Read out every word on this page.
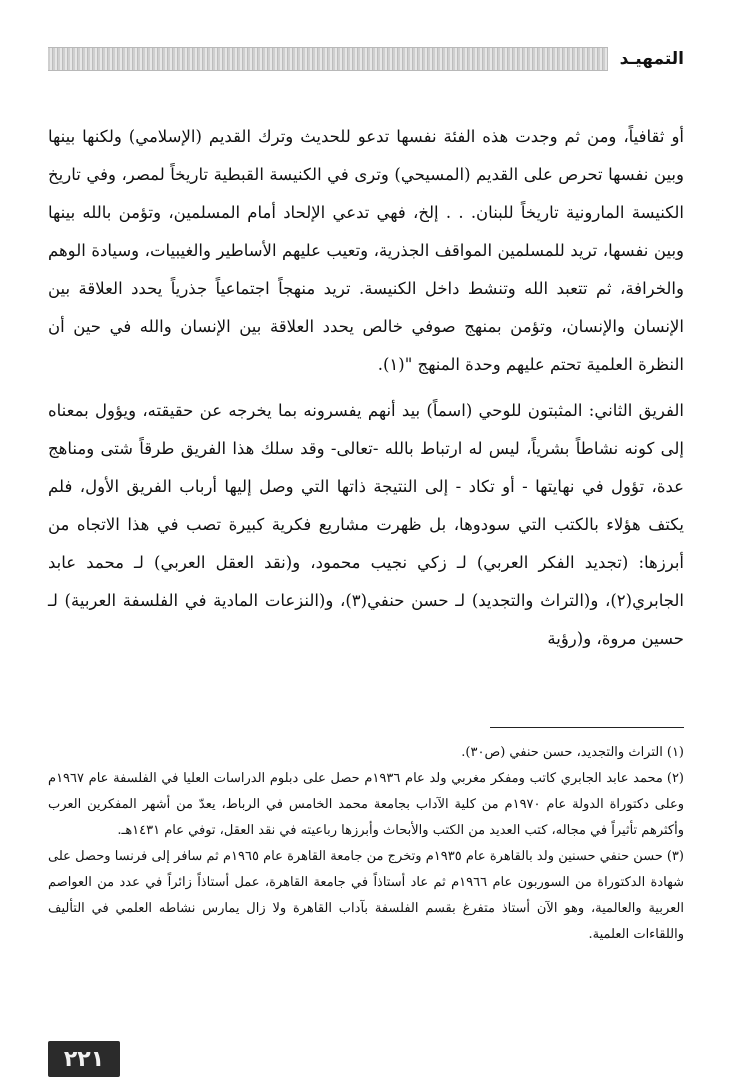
التمهيـد

أو ثقافياً، ومن ثم وجدت هذه الفئة نفسها تدعو للحديث وترك القديم (الإسلامي) ولكنها بينها وبين نفسها تحرص على القديم (المسيحي) وترى في الكنيسة القبطية تاريخاً لمصر، وفي تاريخ الكنيسة المارونية تاريخاً للبنان. . . إلخ، فهي تدعي الإلحاد أمام المسلمين، وتؤمن بالله بينها وبين نفسها، تريد للمسلمين المواقف الجذرية، وتعيب عليهم الأساطير والغيبيات، وسيادة الوهم والخرافة، ثم تتعبد الله وتنشط داخل الكنيسة. تريد منهجاً اجتماعياً جذرياً يحدد العلاقة بين الإنسان والإنسان، وتؤمن بمنهج صوفي خالص يحدد العلاقة بين الإنسان والله في حين أن النظرة العلمية تحتم عليهم وحدة المنهج "(١).

الفريق الثاني: المثبتون للوحي (اسماً) بيد أنهم يفسرونه بما يخرجه عن حقيقته، ويؤول بمعناه إلى كونه نشاطاً بشرياً، ليس له ارتباط بالله -تعالى- وقد سلك هذا الفريق طرقاً شتى ومناهج عدة، تؤول في نهايتها - أو تكاد - إلى النتيجة ذاتها التي وصل إليها أرباب الفريق الأول، فلم يكتف هؤلاء بالكتب التي سودوها، بل ظهرت مشاريع فكرية كبيرة تصب في هذا الاتجاه من أبرزها: (تجديد الفكر العربي) لـ زكي نجيب محمود، و(نقد العقل العربي) لـ محمد عابد الجابري(٢)، و(التراث والتجديد) لـ حسن حنفي(٣)، و(النزعات المادية في الفلسفة العربية) لـ حسين مروة، و(رؤية

(١)التراث والتجديد، حسن حنفي (ص٣٠).

(٢)محمد عابد الجابري كاتب ومفكر مغربي ولد عام ١٩٣٦م حصل على دبلوم الدراسات العليا في الفلسفة عام ١٩٦٧م وعلى دكتوراة الدولة عام ١٩٧٠م من كلية الآداب بجامعة محمد الخامس في الرباط، يعدّ من أشهر المفكرين العرب وأكثرهم تأثيراً في مجاله، كتب العديد من الكتب والأبحاث وأبرزها رباعيته في نقد العقل، توفي عام ١٤٣١هـ.

(٣)حسن حنفي حسنين ولد بالقاهرة عام ١٩٣٥م وتخرج من جامعة القاهرة عام ١٩٦٥م ثم سافر إلى فرنسا وحصل على شهادة الدكتوراة من السوربون عام ١٩٦٦م ثم عاد أستاذاً في جامعة القاهرة، عمل أستاذاً زائراً في عدد من العواصم العربية والعالمية، وهو الآن أستاذ متفرغ بقسم الفلسفة بآداب القاهرة ولا زال يمارس نشاطه العلمي في التأليف واللقاءات العلمية.

٢٢١
